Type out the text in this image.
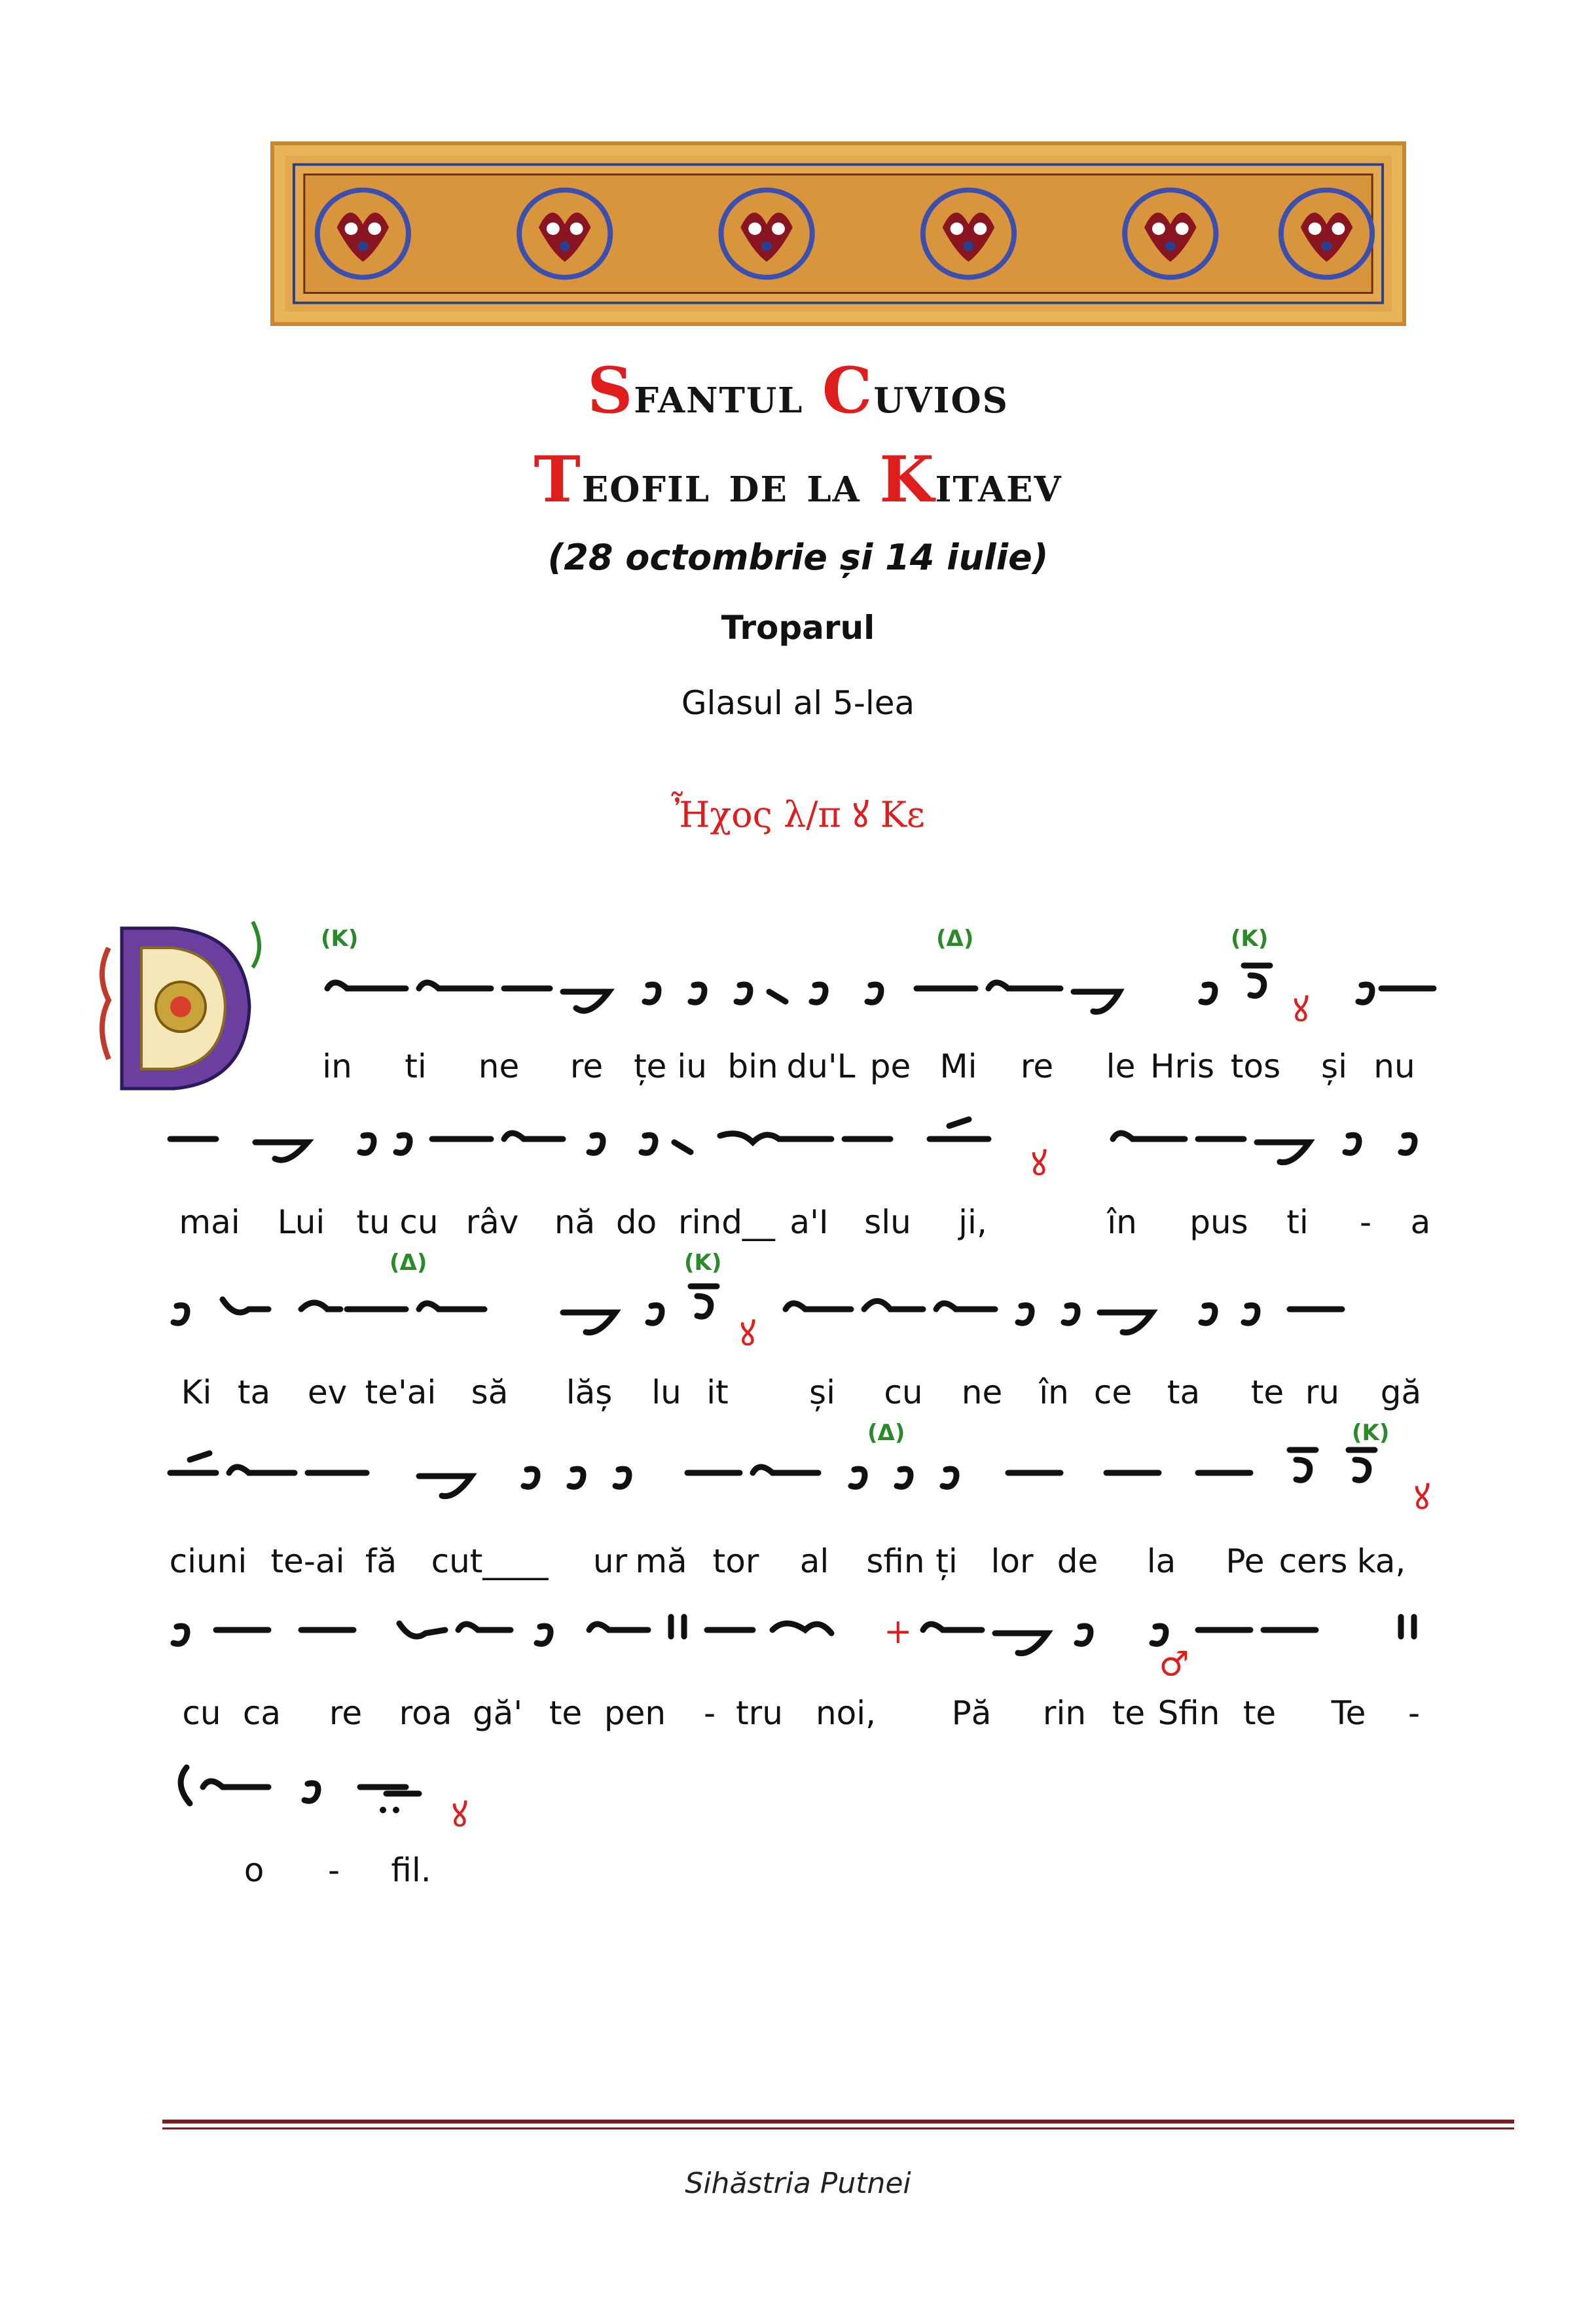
Sfantul Cuvios
Teofil de la Kitaev
(28 octombrie și 14 iulie)
Troparul
Glasul al 5-lea
Ἦχος λ/π ꙋ Κε
(Κ)	(Δ)	(Κ)
(Δ)	(Κ)
(Δ)	(Κ)
ꙋ
ꙋ
ꙋ
ꙋ
+
♂
ꙋ
in ti ne re țe iu bin du'L pe Mi re le Hris tos și nu
mai Lui tu cu râv nă do rind__ a'I slu ji,	în pus ti - a
Ki ta ev te'ai să lăș lu it și cu ne în ce ta te ru gă
ciuni te-ai fă cut____ ur mă tor al sfin ți lor de la Pe cers ka,
cu ca re roa gă' te pen - tru noi, Pă rin te Sfin te Te -
o - fil.
Sihăstria Putnei
